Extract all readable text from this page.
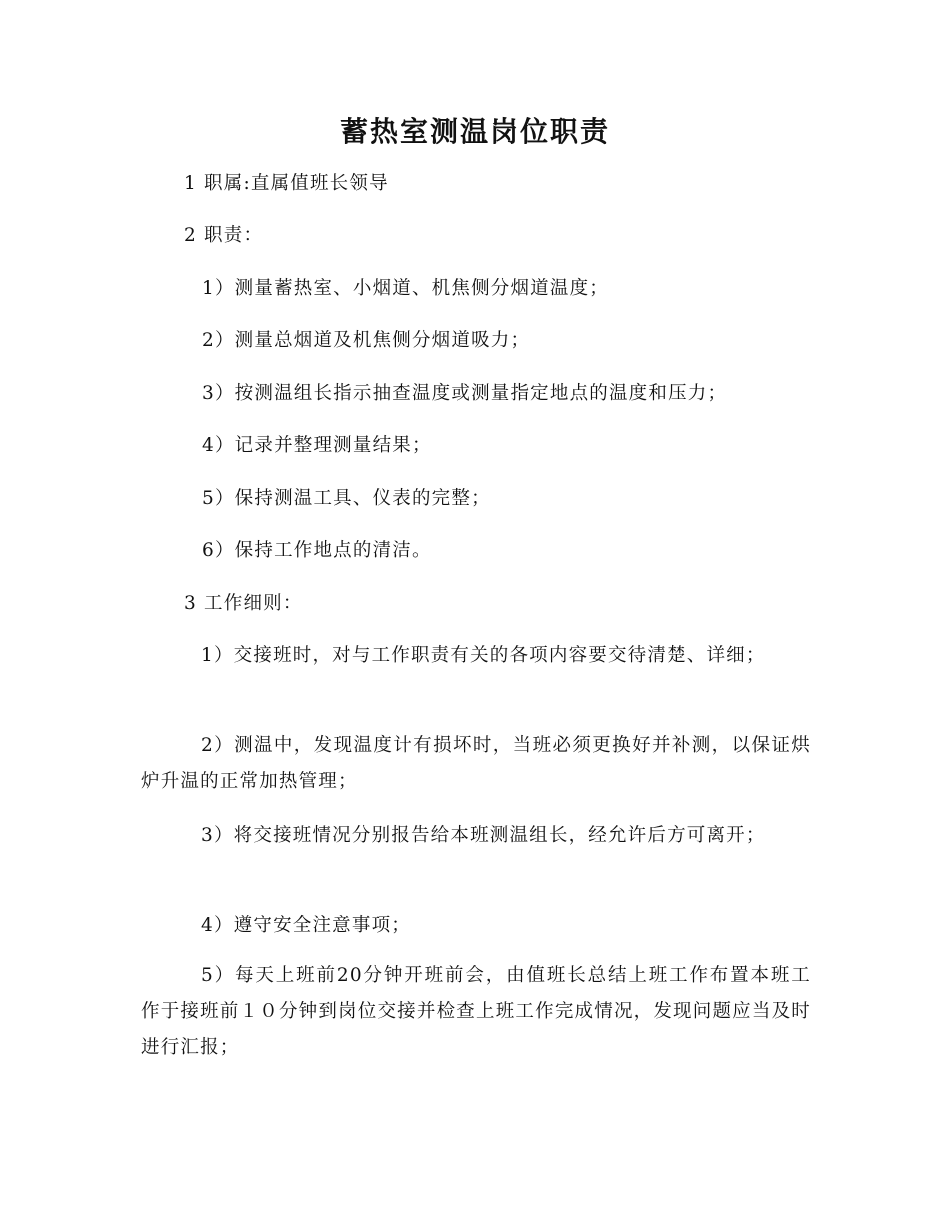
蓄热室测温岗位职责
1 职属:直属值班长领导
2 职责：
1）测量蓄热室、小烟道、机焦侧分烟道温度；
2）测量总烟道及机焦侧分烟道吸力；
3）按测温组长指示抽查温度或测量指定地点的温度和压力；
4）记录并整理测量结果；
5）保持测温工具、仪表的完整；
6）保持工作地点的清洁。
3 工作细则：
1）交接班时，对与工作职责有关的各项内容要交待清楚、详细；
2）测温中，发现温度计有损坏时，当班必须更换好并补测，以保证烘炉升温的正常加热管理；
3）将交接班情况分别报告给本班测温组长，经允许后方可离开；
4）遵守安全注意事项；
5）每天上班前20分钟开班前会，由值班长总结上班工作布置本班工作于接班前１０分钟到岗位交接并检查上班工作完成情况，发现问题应当及时进行汇报；
